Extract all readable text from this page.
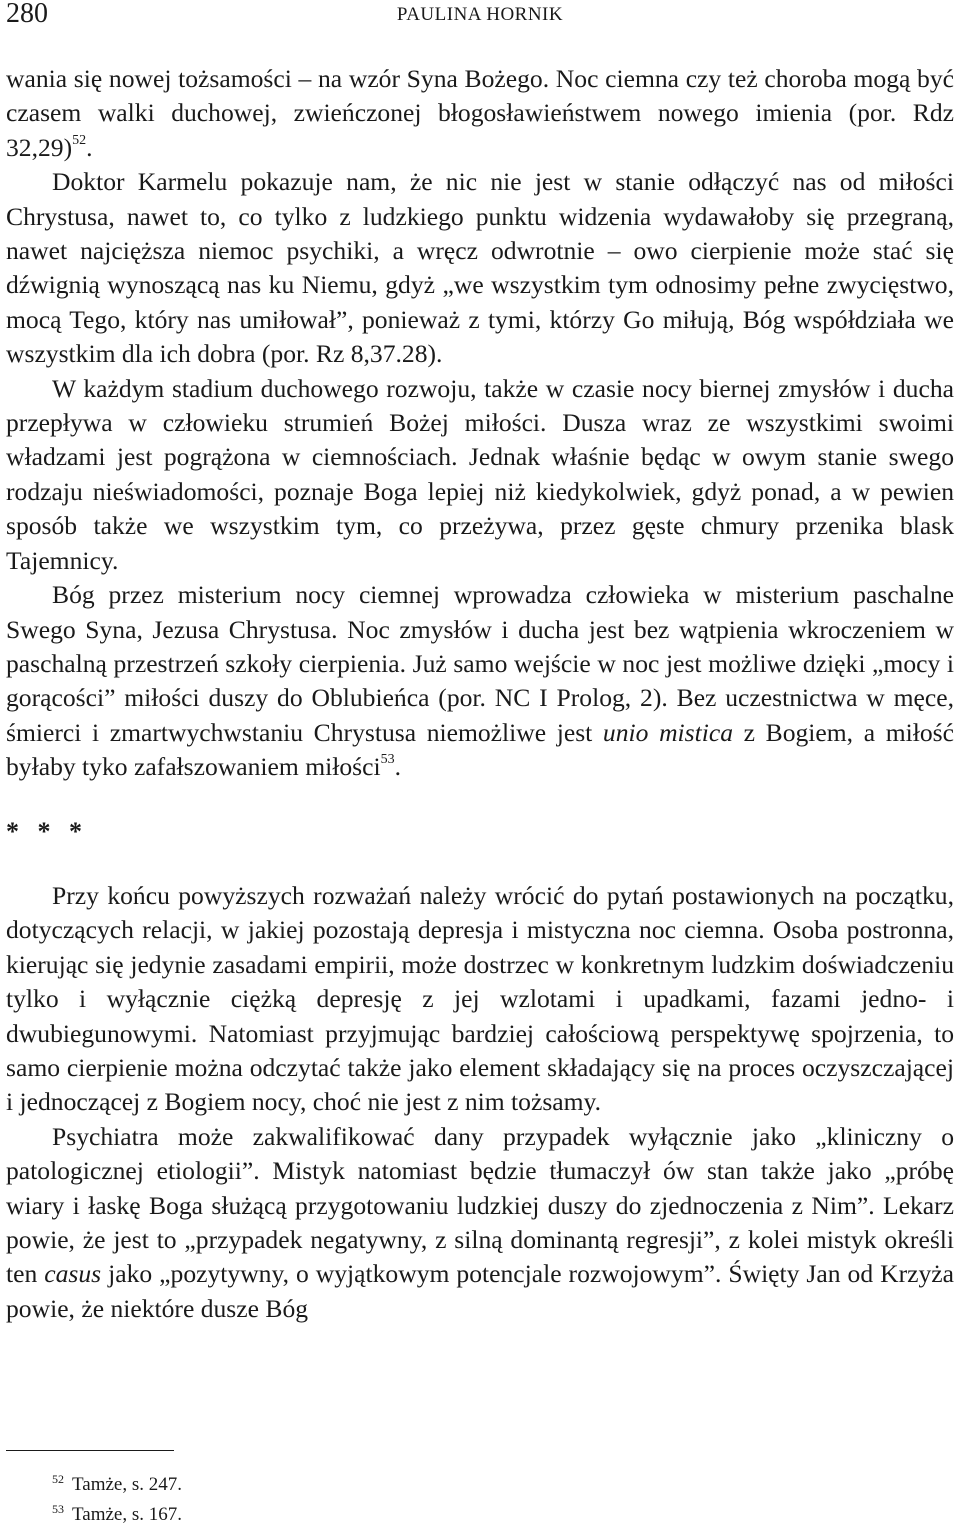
280	PAULINA HORNIK

wania się nowej tożsamości – na wzór Syna Bożego. Noc ciemna czy też choroba mogą być czasem walki duchowej, zwieńczonej błogosławieństwem nowego imienia (por. Rdz 32,29)$^{52}$.

Doktor Karmelu pokazuje nam, że nic nie jest w stanie odłączyć nas od miłości Chrystusa, nawet to, co tylko z ludzkiego punktu widzenia wydawałoby się przegraną, nawet najcięższa niemoc psychiki, a wręcz odwrotnie – owo cierpienie może stać się dźwignią wynoszącą nas ku Niemu, gdyż „we wszystkim tym odnosimy pełne zwycięstwo, mocą Tego, który nas umiłował”, ponieważ z tymi, którzy Go miłują, Bóg współdziała we wszystkim dla ich dobra (por. Rz 8,37.28).

W każdym stadium duchowego rozwoju, także w czasie nocy biernej zmysłów i ducha przepływa w człowieku strumień Bożej miłości. Dusza wraz ze wszystkimi swoimi władzami jest pogrążona w ciemnościach. Jednak właśnie będąc w owym stanie swego rodzaju nieświadomości, poznaje Boga lepiej niż kiedykolwiek, gdyż ponad, a w pewien sposób także we wszystkim tym, co przeżywa, przez gęste chmury przenika blask Tajemnicy.

Bóg przez misterium nocy ciemnej wprowadza człowieka w misterium paschalne Swego Syna, Jezusa Chrystusa. Noc zmysłów i ducha jest bez wątpienia wkroczeniem w paschalną przestrzeń szkoły cierpienia. Już samo wejście w noc jest możliwe dzięki „mocy i gorącości” miłości duszy do Oblubieńca (por. NC I Prolog, 2). Bez uczestnictwa w męce, śmierci i zmartwychwstaniu Chrystusa niemożliwe jest unio mistica z Bogiem, a miłość byłaby tyko zafałszowaniem miłości$^{53}$.

* * *

Przy końcu powyższych rozważań należy wrócić do pytań postawionych na początku, dotyczących relacji, w jakiej pozostają depresja i mistyczna noc ciemna. Osoba postronna, kierując się jedynie zasadami empirii, może dostrzec w konkretnym ludzkim doświadczeniu tylko i wyłącznie ciężką depresję z jej wzlotami i upadkami, fazami jedno- i dwubiegunowymi. Natomiast przyjmując bardziej całościową perspektywę spojrzenia, to samo cierpienie można odczytać także jako element składający się na proces oczyszczającej i jednoczącej z Bogiem nocy, choć nie jest z nim tożsamy.

Psychiatra może zakwalifikować dany przypadek wyłącznie jako „kliniczny o patologicznej etiologii”. Mistyk natomiast będzie tłumaczył ów stan także jako „próbę wiary i łaskę Boga służącą przygotowaniu ludzkiej duszy do zjednoczenia z Nim”. Lekarz powie, że jest to „przypadek negatywny, z silną dominantą regresji”, z kolei mistyk określi ten casus jako „pozytywny, o wyjątkowym potencjale rozwojowym”. Święty Jan od Krzyża powie, że niektóre dusze Bóg

$^{52}$ Tamże, s. 247.
$^{53}$ Tamże, s. 167.
